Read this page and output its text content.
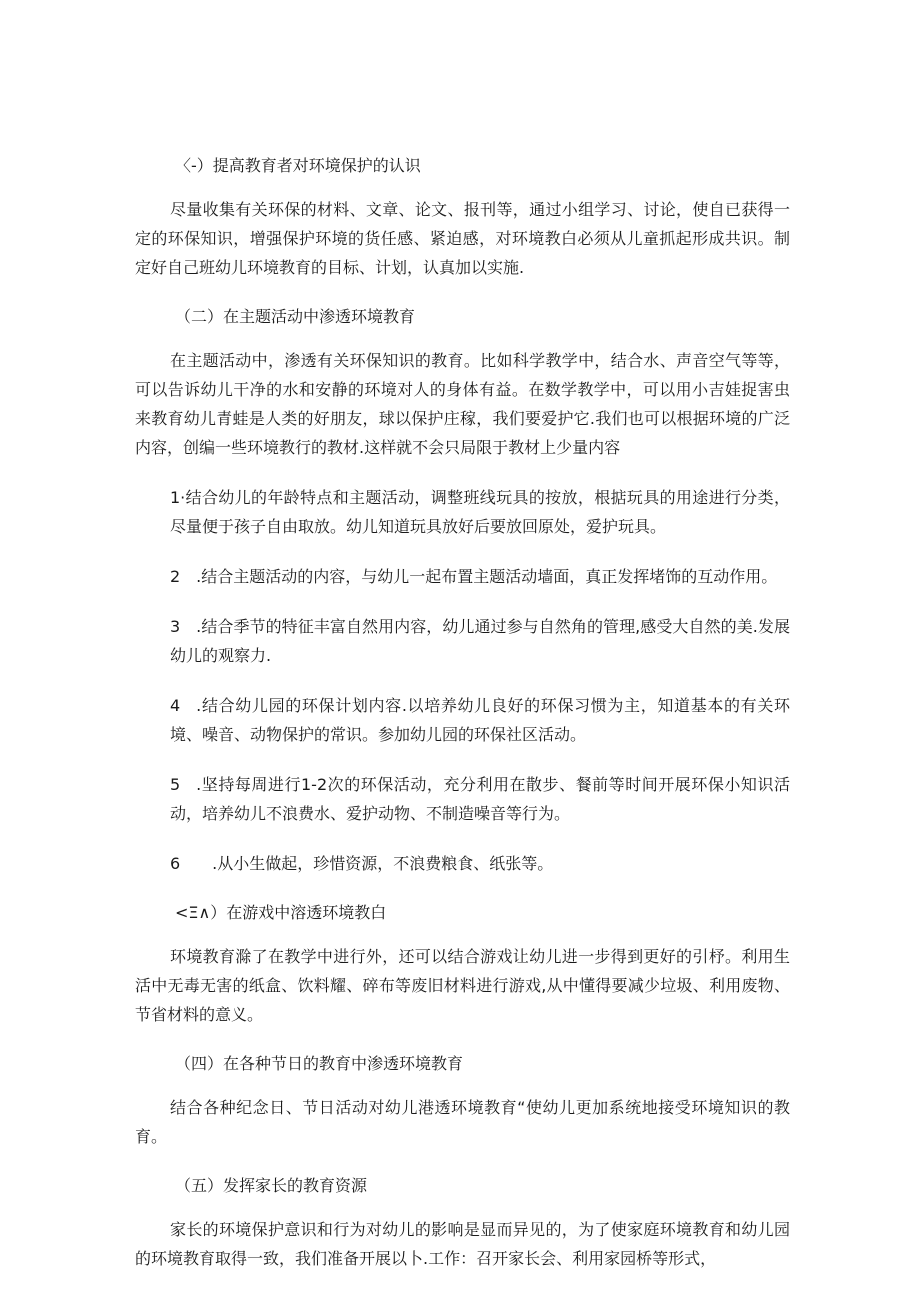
〈-）提高教育者对环境保护的认识

尽量收集有关环保的材料、文章、论文、报刊等，通过小组学习、讨论，使自已获得一定的环保知识，增强保护环境的货任感、紧迫感，对环境教白必须从儿童抓起形成共识。制定好自己班幼儿环境教育的目标、计划，认真加以实施.

（二）在主题活动中渗透环境教育

在主题活动中，渗透有关环保知识的教育。比如科学教学中，结合水、声音空气等等，可以告诉幼儿干净的水和安静的环境对人的身体有益。在数学教学中，可以用小吉娃捉害虫来教育幼儿青蛙是人类的好朋友，球以保护庄稼，我们要爱护它.我们也可以根据环境的广泛内容，创编一些环境教行的教材.这样就不会只局限于教材上少量内容

1·结合幼儿的年龄特点和主题活动，调整班线玩具的按放，根掂玩具的用途进行分类，尽量便于孩子自由取放。幼儿知道玩具放好后要放回原处，爱护玩具。

2　.结合主题活动的内容，与幼儿一起布置主题活动墙面，真正发挥堵饰的互动作用。

3　.结合季节的特征丰富自然用内容，幼儿通过参与自然角的管理,感受大自然的美.发展幼儿的观察力.

4　.结合幼儿园的环保计划内容.以培养幼儿良好的环保习惯为主，知道基本的有关环境、噪音、动物保护的常识。参加幼儿园的环保社区活动。

5　.坚持每周进行1-2次的环保活动，充分利用在散步、餐前等时间开展环保小知识活动，培养幼儿不浪费水、爱护动物、不制造噪音等行为。

6　　.从小生做起，珍惜资源，不浪费粮食、纸张等。

<Ξ∧）在游戏中溶透环境教白

环境教育滁了在教学中进行外，还可以结合游戏让幼儿进一步得到更好的引杼。利用生活中无毒无害的纸盒、饮料耀、碎布等废旧材料进行游戏,从中懂得要减少垃圾、利用废物、节省材料的意义。

（四）在各种节日的教育中渗透环境教育

结合各种纪念日、节日活动对幼儿港透环境教育“使幼儿更加系统地接受环境知识的教育。

（五）发挥家长的教育资源

家长的环境保护意识和行为对幼儿的影响是显而异见的，为了使家庭环境教育和幼儿园的环境教育取得一致，我们准备开展以卜.工作：召开家长会、利用家园桥等形式，
